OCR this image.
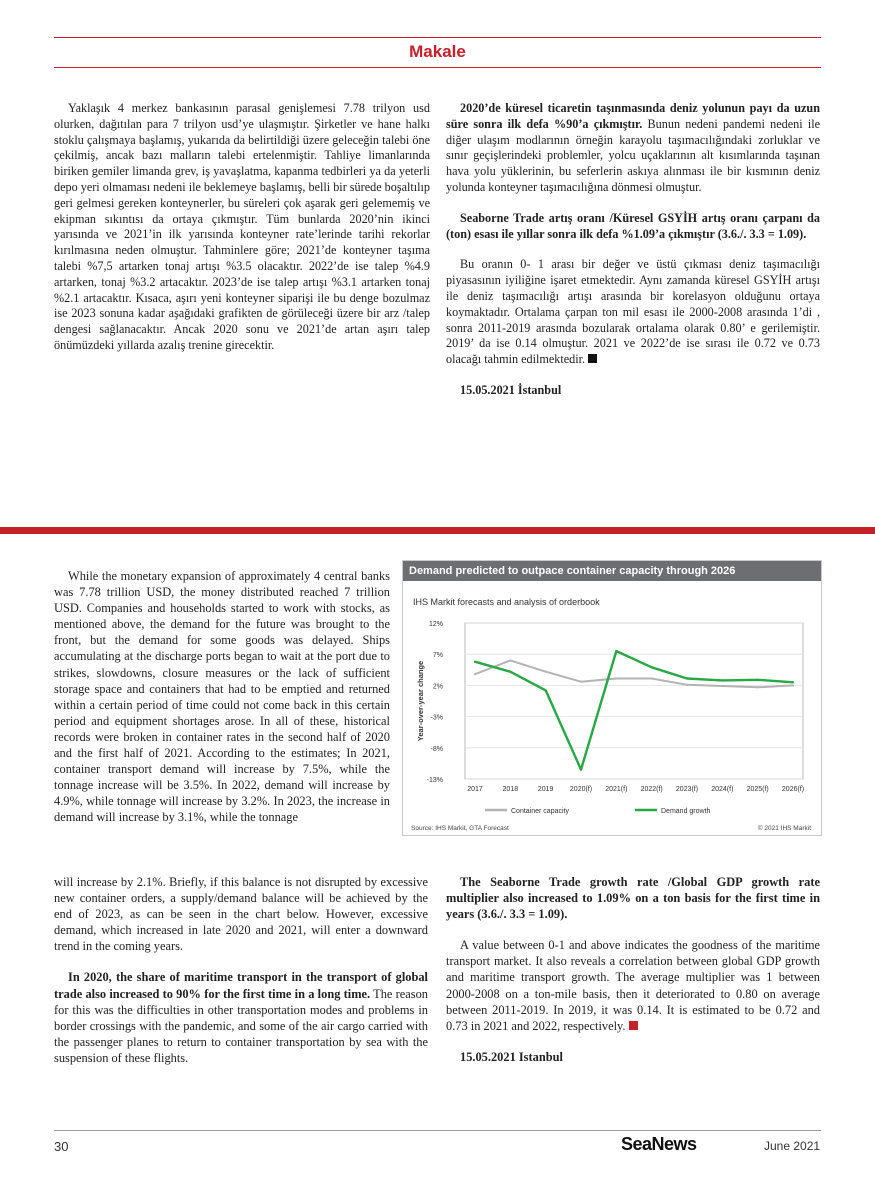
Makale

Yaklaşık 4 merkez bankasının parasal genişlemesi 7.78 trilyon usd olurken, dağıtılan para 7 trilyon usd’ye ulaşmıştır. Şirketler ve hane halkı stoklu çalışmaya başlamış, yukarıda da belirtildiği üzere geleceğin talebi öne çekilmiş, ancak bazı malların talebi ertelenmiştir. Tahliye limanlarında biriken gemiler limanda grev, iş yavaşlatma, kapanma tedbirleri ya da yeterli depo yeri olmaması nedeni ile beklemeye başlamış, belli bir sürede boşaltılıp geri gelmesi gereken konteynerler, bu süreleri çok aşarak geri gelememiş ve ekipman sıkıntısı da ortaya çıkmıştır. Tüm bunlarda 2020’nin ikinci yarısında ve 2021’in ilk yarısında konteyner rate’lerinde tarihi rekorlar kırılmasına neden olmuştur. Tahminlere göre; 2021’de konteyner taşıma talebi %7,5 artarken tonaj artışı %3.5 olacaktır. 2022’de ise talep %4.9 artarken, tonaj %3.2 artacaktır. 2023’de ise talep artışı %3.1 artarken tonaj %2.1 artacaktır. Kısaca, aşırı yeni konteyner siparişi ile bu denge bozulmaz ise 2023 sonuna kadar aşağıdaki grafikten de görüleceği üzere bir arz /talep dengesi sağlanacaktır. Ancak 2020 sonu ve 2021’de artan aşırı talep önümüzdeki yıllarda azalış trenine girecektir.

2020’de küresel ticaretin taşınmasında deniz yolunun payı da uzun süre sonra ilk defa %90’a çıkmıştır. Bunun nedeni pandemi nedeni ile diğer ulaşım modlarının örneğin karayolu taşımacılığındaki zorluklar ve sınır geçişlerindeki problemler, yolcu uçaklarının alt kısımlarında taşınan hava yolu yüklerinin, bu seferlerin askıya alınması ile bir kısmının deniz yolunda konteyner taşımacılığına dönmesi olmuştur.

Seaborne Trade artış oranı /Küresel GSYİH artış oranı çarpanı da (ton) esası ile yıllar sonra ilk defa %1.09’a çıkmıştır (3.6./. 3.3 = 1.09).

Bu oranın 0- 1 arası bir değer ve üstü çıkması deniz taşımacılığı piyasasının iyiliğine işaret etmektedir. Aynı zamanda küresel GSYİH artışı ile deniz taşımacılığı artışı arasında bir korelasyon olduğunu ortaya koymaktadır. Ortalama çarpan ton mil esası ile 2000-2008 arasında 1’di , sonra 2011-2019 arasında bozularak ortalama olarak 0.80’ e gerilemiştir. 2019’ da ise 0.14 olmuştur. 2021 ve 2022’de ise sırası ile 0.72 ve 0.73 olacağı tahmin edilmektedir.

15.05.2021 İstanbul

While the monetary expansion of approximately 4 central banks was 7.78 trillion USD, the money distributed reached 7 trillion USD. Companies and households started to work with stocks, as mentioned above, the demand for the future was brought to the front, but the demand for some goods was delayed. Ships accumulating at the discharge ports began to wait at the port due to strikes, slowdowns, closure measures or the lack of sufficient storage space and containers that had to be emptied and returned within a certain period of time could not come back in this certain period and equipment shortages arose. In all of these, historical records were broken in container rates in the second half of 2020 and the first half of 2021. According to the estimates; In 2021, container transport demand will increase by 7.5%, while the tonnage increase will be 3.5%. In 2022, demand will increase by 4.9%, while tonnage will increase by 3.2%. In 2023, the increase in demand will increase by 3.1%, while the tonnage

Demand predicted to outpace container capacity through 2026
IHS Markit forecasts and analysis of orderbook
12%
7%
2%
-3%
-8%
-13%
2017	2018	2019 2020(f) 2021(f) 2022(f) 2023(f) 2024(f) 2025(f) 2026(f)
Year-over-year change
Container capacity	Demand growth
Source: IHS Markit, GTA Forecast	© 2021 IHS Markit

will increase by 2.1%. Briefly, if this balance is not disrupted by excessive new container orders, a supply/demand balance will be achieved by the end of 2023, as can be seen in the chart below. However, excessive demand, which increased in late 2020 and 2021, will enter a downward trend in the coming years.

In 2020, the share of maritime transport in the transport of global trade also increased to 90% for the first time in a long time. The reason for this was the difficulties in other transportation modes and problems in border crossings with the pandemic, and some of the air cargo carried with the passenger planes to return to container transportation by sea with the suspension of these flights.

The Seaborne Trade growth rate /Global GDP growth rate multiplier also increased to 1.09% on a ton basis for the first time in years (3.6./. 3.3 = 1.09).

A value between 0-1 and above indicates the goodness of the maritime transport market. It also reveals a correlation between global GDP growth and maritime transport growth. The average multiplier was 1 between 2000-2008 on a ton-mile basis, then it deteriorated to 0.80 on average between 2011-2019. In 2019, it was 0.14. It is estimated to be 0.72 and 0.73 in 2021 and 2022, respectively.

15.05.2021 Istanbul

30	SeaNews	June 2021
